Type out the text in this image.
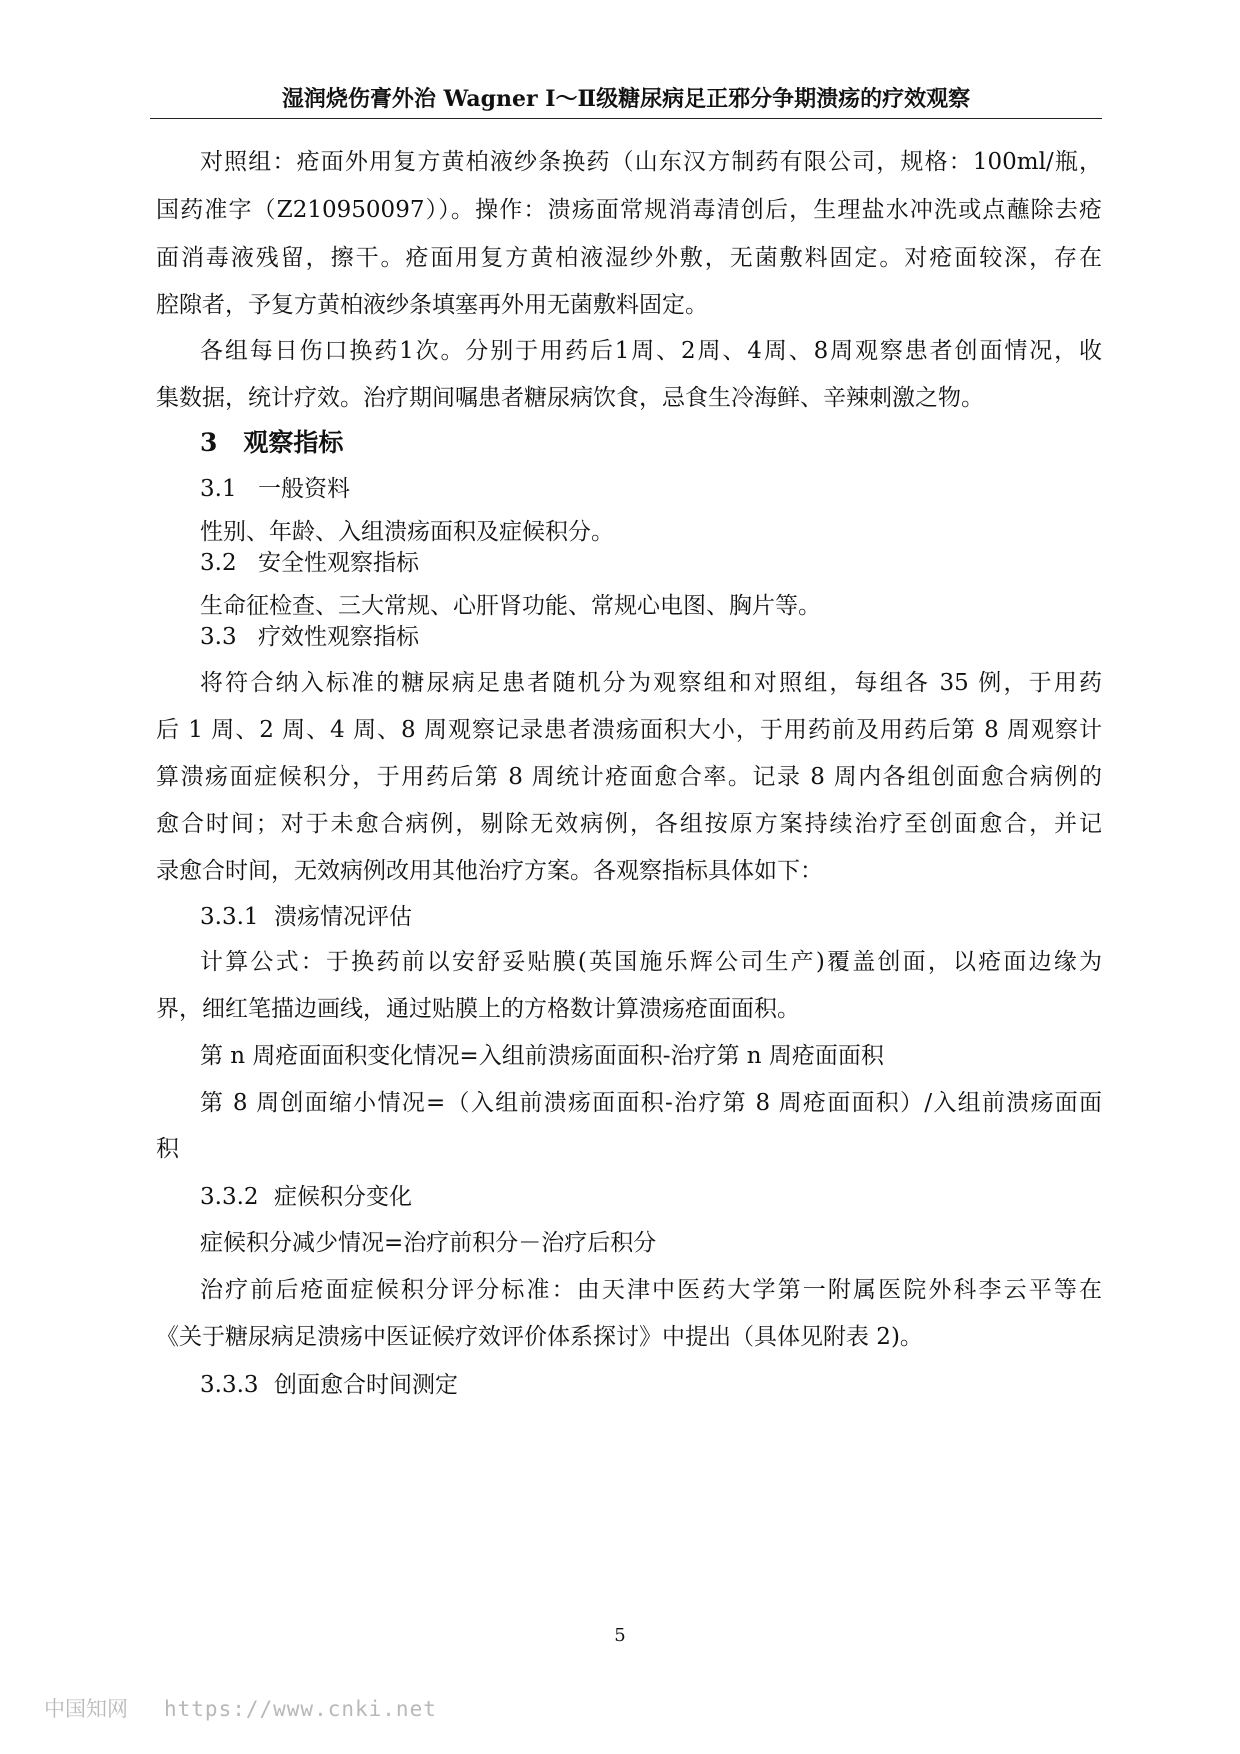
湿润烧伤膏外治 Wagner Ⅰ～Ⅱ级糖尿病足正邪分争期溃疡的疗效观察
对照组：疮面外用复方黄柏液纱条换药（山东汉方制药有限公司，规格：100ml/瓶，
国药准字（Z210950097））。操作：溃疡面常规消毒清创后，生理盐水冲洗或点蘸除去疮
面消毒液残留，擦干。疮面用复方黄柏液湿纱外敷，无菌敷料固定。对疮面较深，存在
腔隙者，予复方黄柏液纱条填塞再外用无菌敷料固定。
各组每日伤口换药1次。分别于用药后1周、2周、4周、8周观察患者创面情况，收
集数据，统计疗效。治疗期间嘱患者糖尿病饮食，忌食生冷海鲜、辛辣刺激之物。
3 观察指标
3.1 一般资料
性别、年龄、入组溃疡面积及症候积分。
3.2 安全性观察指标
生命征检查、三大常规、心肝肾功能、常规心电图、胸片等。
3.3 疗效性观察指标
将符合纳入标准的糖尿病足患者随机分为观察组和对照组，每组各 35 例，于用药
后 1 周、2 周、4 周、8 周观察记录患者溃疡面积大小，于用药前及用药后第 8 周观察计
算溃疡面症候积分，于用药后第 8 周统计疮面愈合率。记录 8 周内各组创面愈合病例的
愈合时间；对于未愈合病例，剔除无效病例，各组按原方案持续治疗至创面愈合，并记
录愈合时间，无效病例改用其他治疗方案。各观察指标具体如下：
3.3.1 溃疡情况评估
计算公式：于换药前以安舒妥贴膜(英国施乐辉公司生产)覆盖创面，以疮面边缘为
界，细红笔描边画线，通过贴膜上的方格数计算溃疡疮面面积。
第 n 周疮面面积变化情况=入组前溃疡面面积-治疗第 n 周疮面面积
第 8 周创面缩小情况=（入组前溃疡面面积-治疗第 8 周疮面面积）/入组前溃疡面面
积
3.3.2 症候积分变化
症候积分减少情况=治疗前积分－治疗后积分
治疗前后疮面症候积分评分标准：由天津中医药大学第一附属医院外科李云平等在
《关于糖尿病足溃疡中医证候疗效评价体系探讨》中提出（具体见附表 2)。
3.3.3 创面愈合时间测定
5
中国知网 https://www.cnki.net
